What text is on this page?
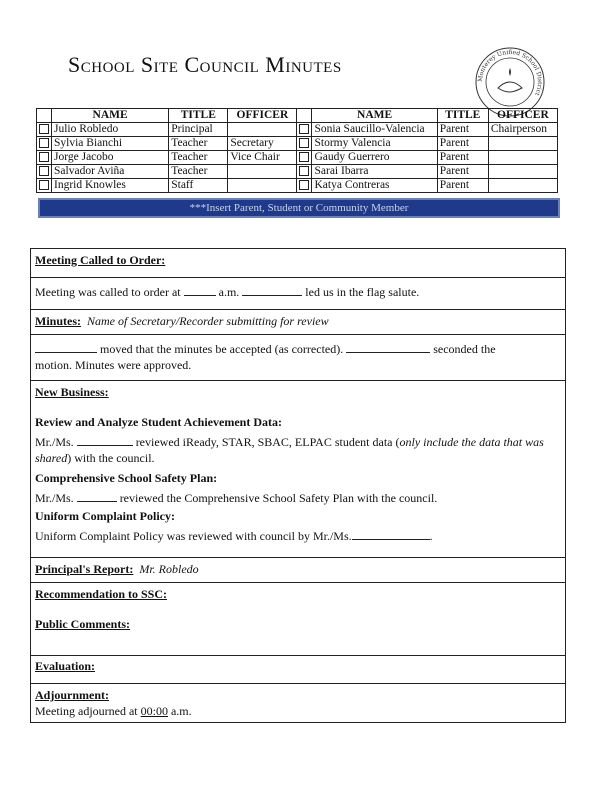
School Site Council Minutes
Monterey Unified School District
	NAME	TITLE	OFFICER		NAME	TITLE	OFFICER
	Julio Robledo	Principal			Sonia Saucillo-Valencia	Parent	Chairperson
	Sylvia Bianchi	Teacher	Secretary		Stormy Valencia	Parent	
	Jorge Jacobo	Teacher	Vice Chair		Gaudy Guerrero	Parent	
	Salvador Aviña	Teacher			Sarai Ibarra	Parent	
	Ingrid Knowles	Staff			Katya Contreras	Parent	
***Insert Parent, Student or Community Member

Meeting Called to Order:

Meeting was called to order at	a.m.	led us in the flag salute.

Minutes: Name of Secretary/Recorder submitting for review

moved that the minutes be accepted (as corrected).	seconded the

motion. Minutes were approved.

New Business:

Review and Analyze Student Achievement Data:

Mr./Ms.	reviewed iReady, STAR, SBAC, ELPAC student data (only include the data that was shared) with the council.

Comprehensive School Safety Plan:

Mr./Ms.	reviewed the Comprehensive School Safety Plan with the council.

Uniform Complaint Policy:

Uniform Complaint Policy was reviewed with council by Mr./Ms.	.

Principal's Report: Mr. Robledo

Recommendation to SSC:

Public Comments:

Evaluation:

Adjournment:

Meeting adjourned at 00:00 a.m.
